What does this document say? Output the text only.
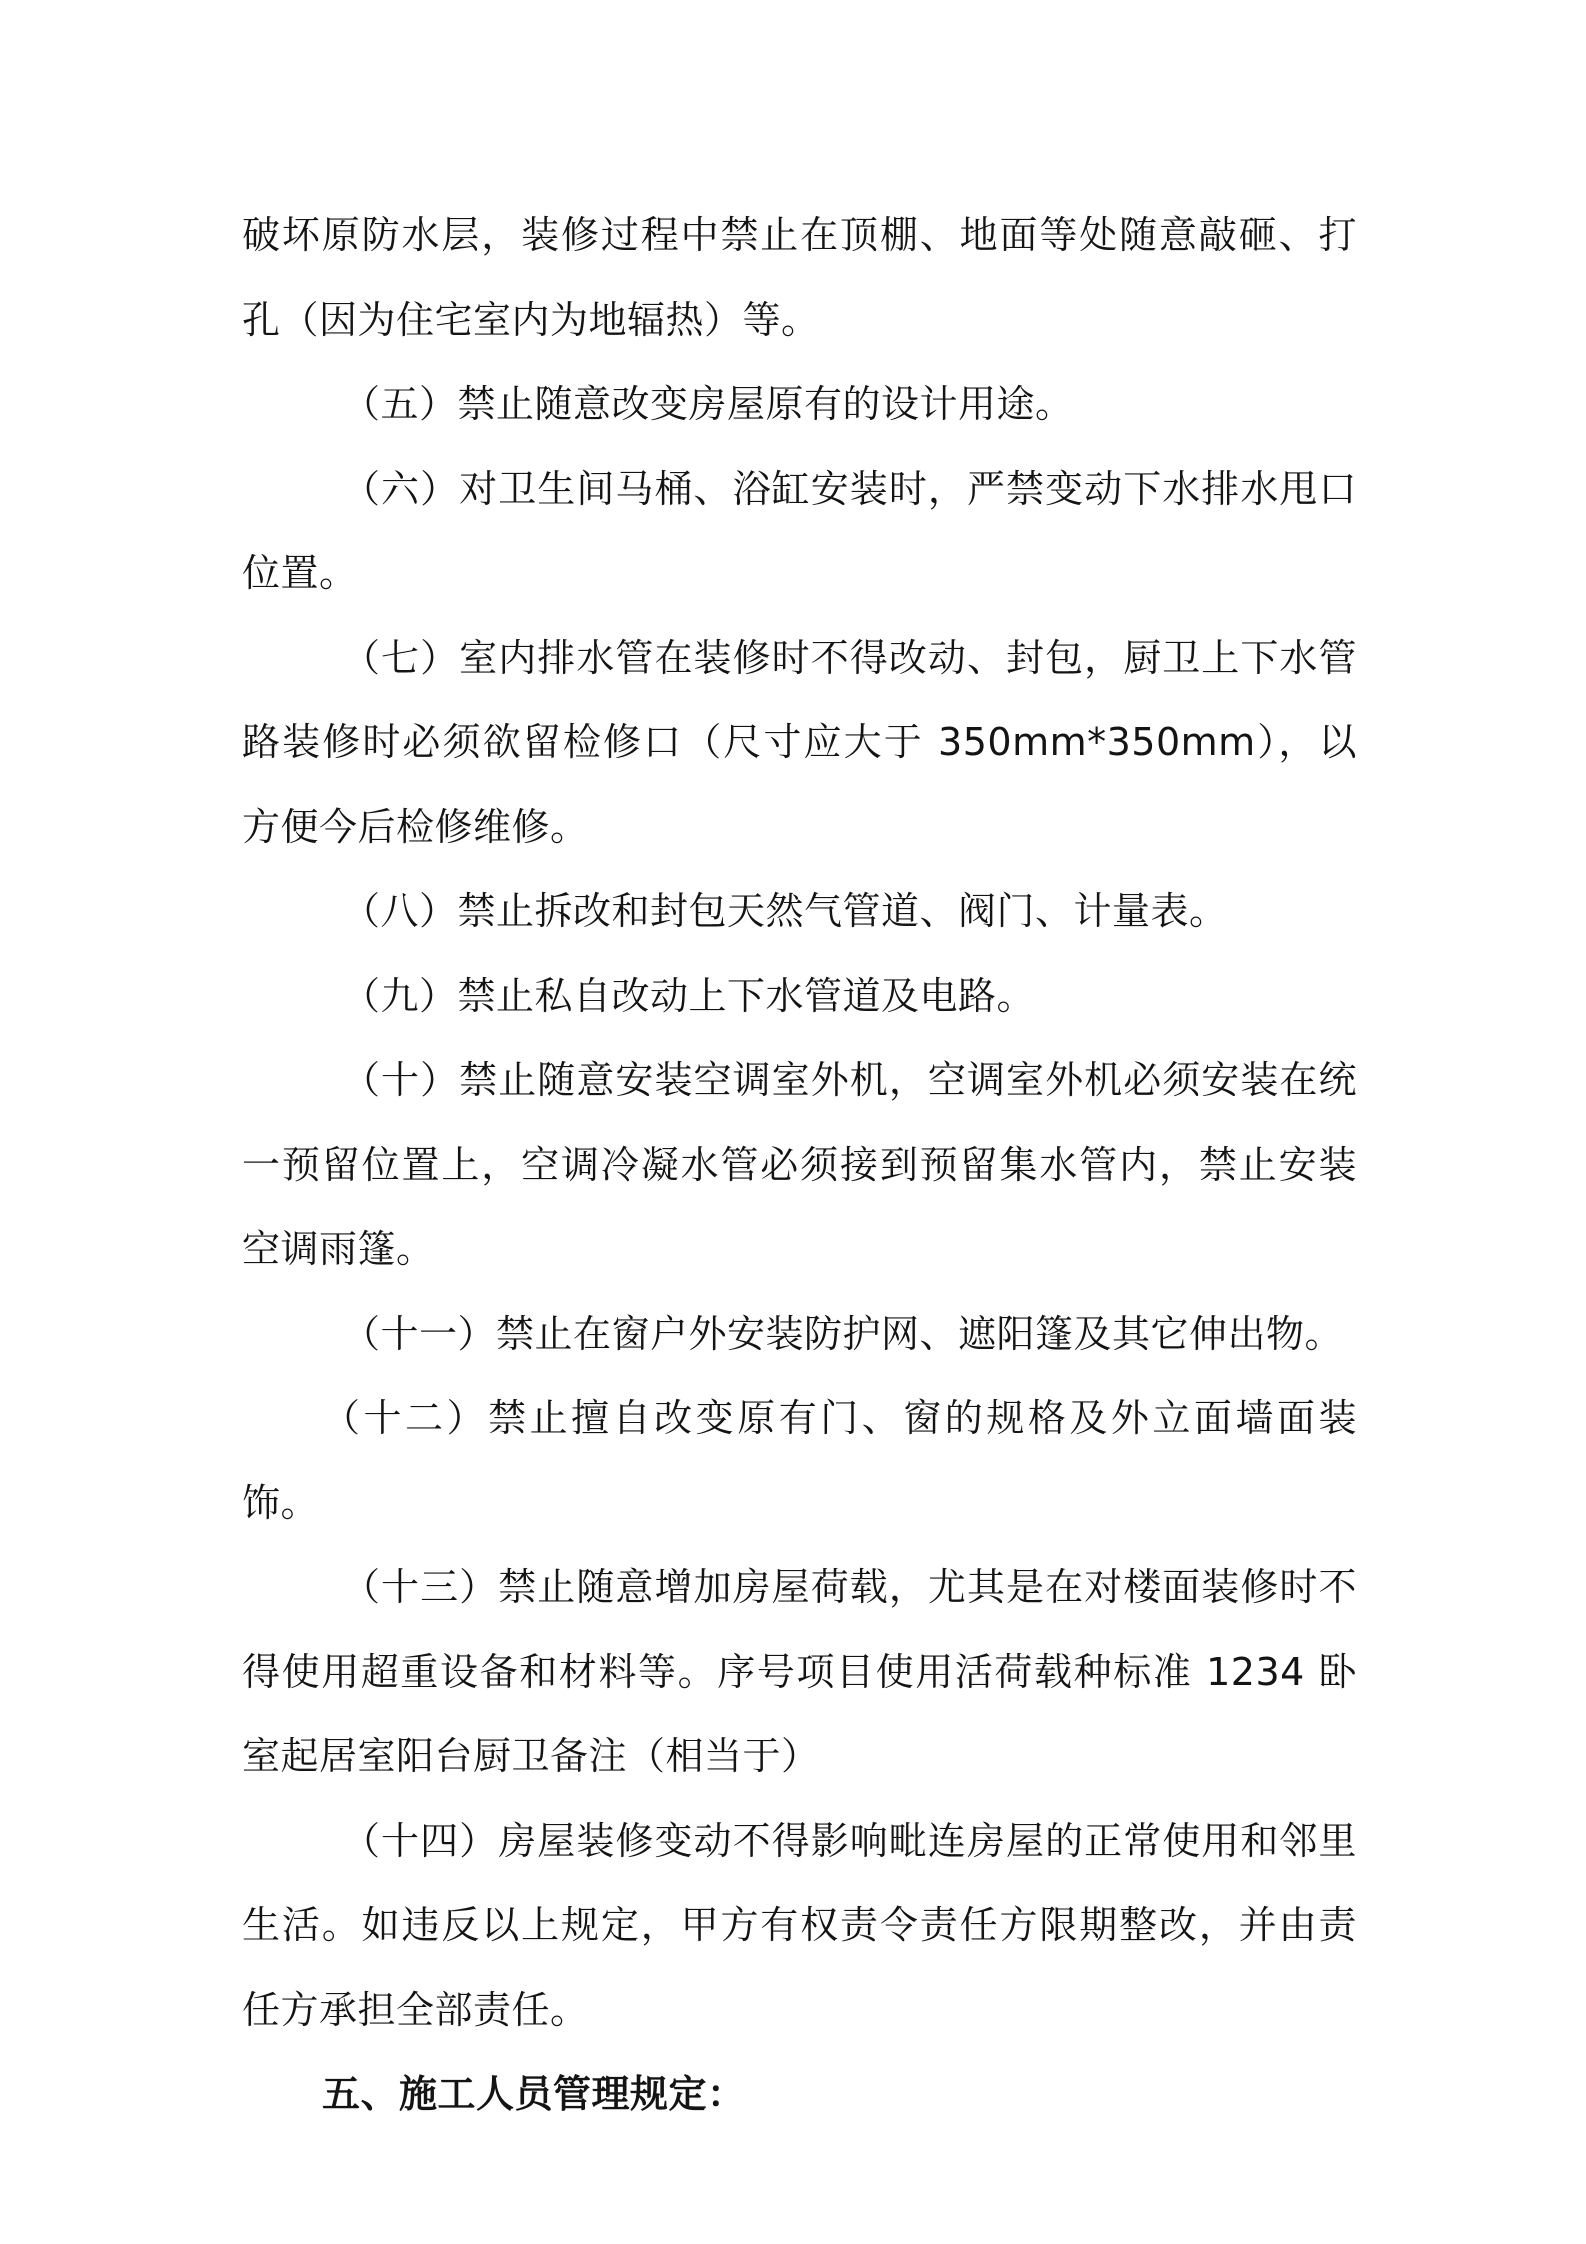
破坏原防水层，装修过程中禁止在顶棚、地面等处随意敲砸、打孔（因为住宅室内为地辐热）等。

（五）禁止随意改变房屋原有的设计用途。

（六）对卫生间马桶、浴缸安装时，严禁变动下水排水甩口位置。

（七）室内排水管在装修时不得改动、封包，厨卫上下水管路装修时必须欲留检修口（尺寸应大于 350mm*350mm），以方便今后检修维修。

（八）禁止拆改和封包天然气管道、阀门、计量表。

（九）禁止私自改动上下水管道及电路。

（十）禁止随意安装空调室外机，空调室外机必须安装在统一预留位置上，空调冷凝水管必须接到预留集水管内，禁止安装空调雨篷。

（十一）禁止在窗户外安装防护网、遮阳篷及其它伸出物。

（十二）禁止擅自改变原有门、窗的规格及外立面墙面装饰。

（十三）禁止随意增加房屋荷载，尤其是在对楼面装修时不得使用超重设备和材料等。序号项目使用活荷载种标准 1234 卧室起居室阳台厨卫备注（相当于）

（十四）房屋装修变动不得影响毗连房屋的正常使用和邻里生活。如违反以上规定，甲方有权责令责任方限期整改，并由责任方承担全部责任。

五、施工人员管理规定：
